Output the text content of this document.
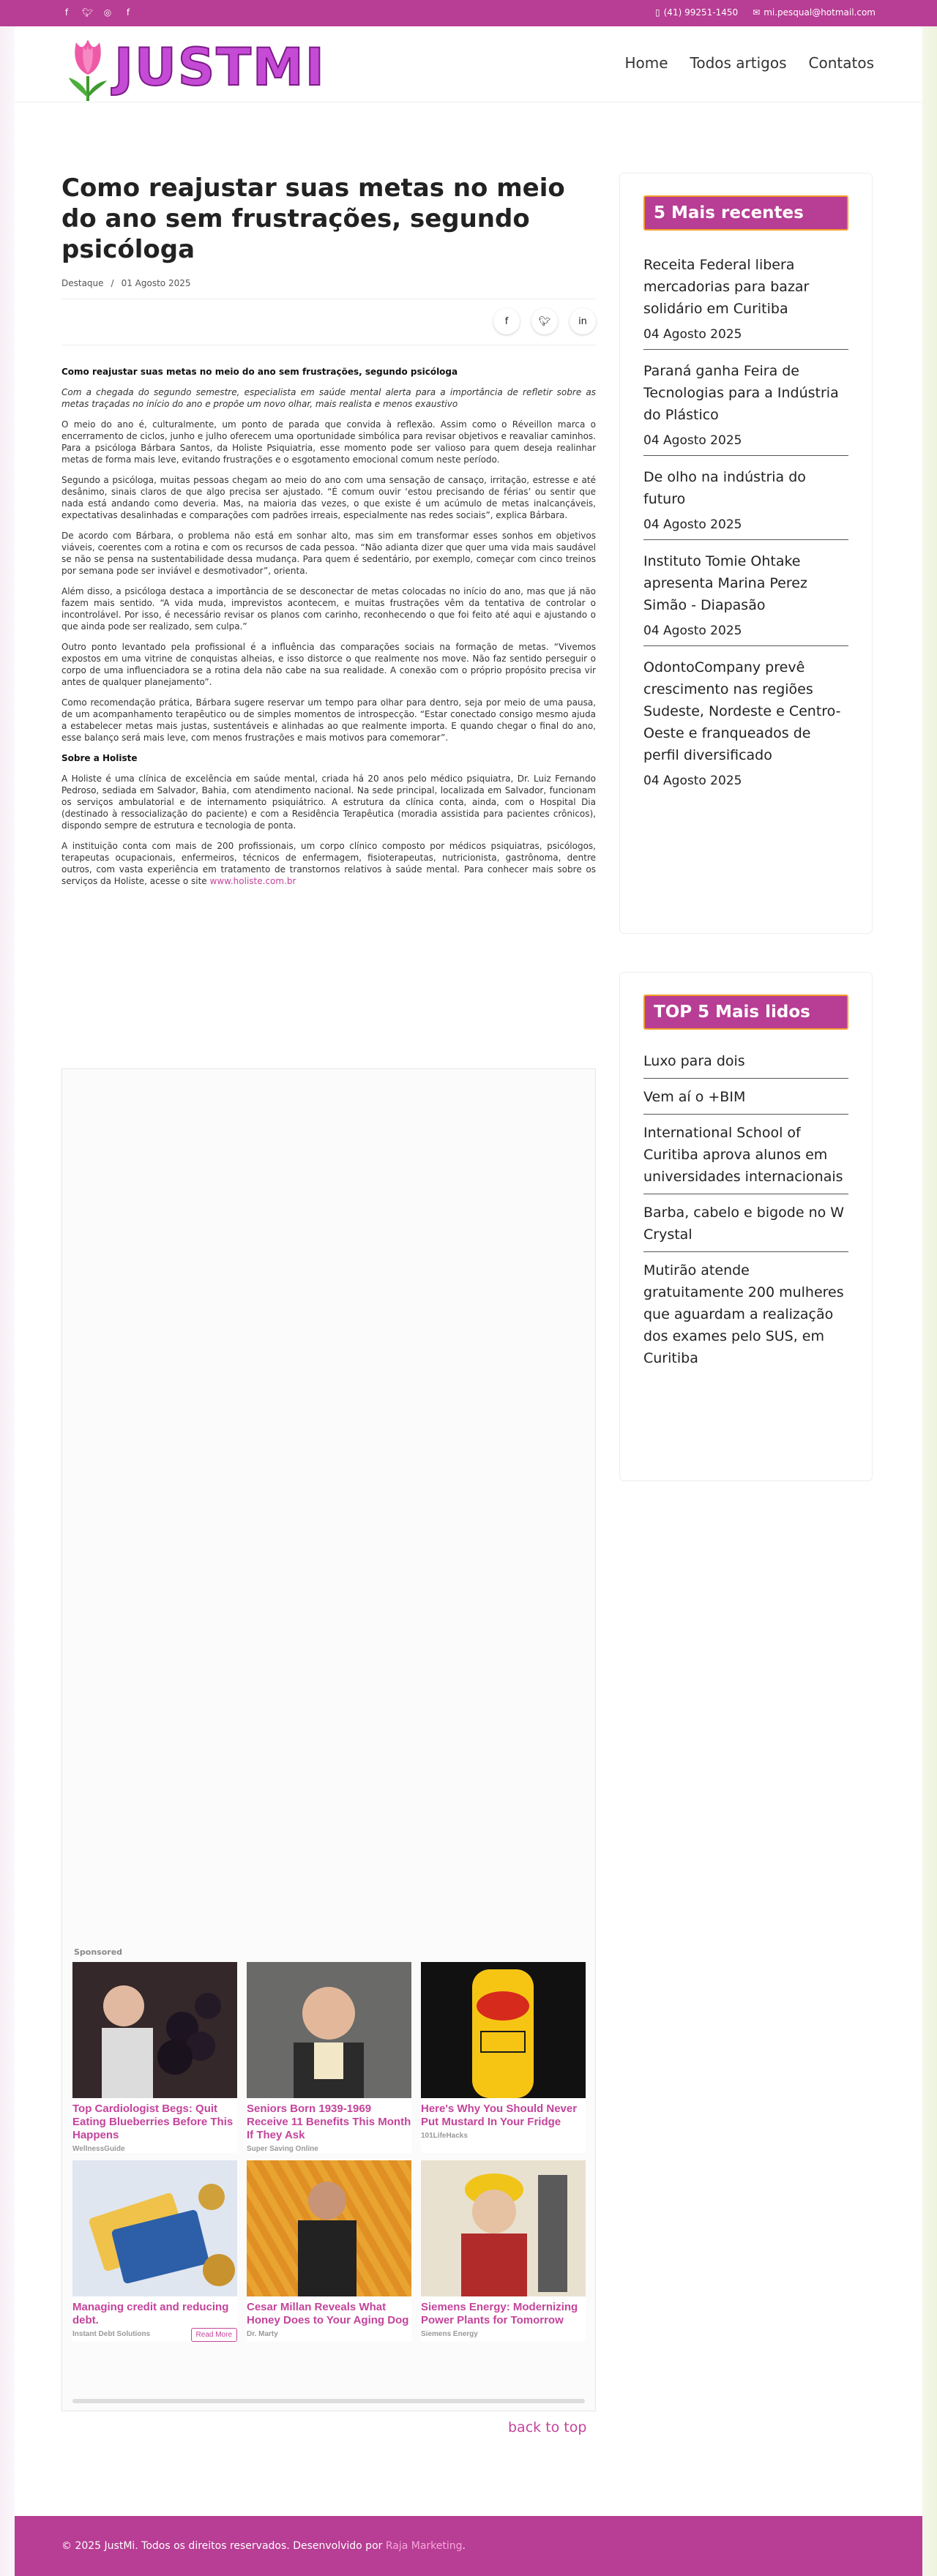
f	🐦︎ ◎	f	▯ (41) 99251-1450 ✉ mi.pesqual@hotmail.com
JUSTMI	Home Todos artigos Contatos
Como reajustar suas metas no meio do ano sem frustrações, segundo psicóloga
Destaque / 01 Agosto 2025
f	🐦︎	in

Como reajustar suas metas no meio do ano sem frustrações, segundo psicóloga

Com a chegada do segundo semestre, especialista em saúde mental alerta para a importância de refletir sobre as metas traçadas no início do ano e propõe um novo olhar, mais realista e menos exaustivo

O meio do ano é, culturalmente, um ponto de parada que convida à reflexão. Assim como o Réveillon marca o encerramento de ciclos, junho e julho oferecem uma oportunidade simbólica para revisar objetivos e reavaliar caminhos. Para a psicóloga Bárbara Santos, da Holiste Psiquiatria, esse momento pode ser valioso para quem deseja realinhar metas de forma mais leve, evitando frustrações e o esgotamento emocional comum neste período.

Segundo a psicóloga, muitas pessoas chegam ao meio do ano com uma sensação de cansaço, irritação, estresse e até desânimo, sinais claros de que algo precisa ser ajustado. “É comum ouvir ‘estou precisando de férias’ ou sentir que nada está andando como deveria. Mas, na maioria das vezes, o que existe é um acúmulo de metas inalcançáveis, expectativas desalinhadas e comparações com padrões irreais, especialmente nas redes sociais”, explica Bárbara.

De acordo com Bárbara, o problema não está em sonhar alto, mas sim em transformar esses sonhos em objetivos viáveis, coerentes com a rotina e com os recursos de cada pessoa. “Não adianta dizer que quer uma vida mais saudável se não se pensa na sustentabilidade dessa mudança. Para quem é sedentário, por exemplo, começar com cinco treinos por semana pode ser inviável e desmotivador”, orienta.

Além disso, a psicóloga destaca a importância de se desconectar de metas colocadas no início do ano, mas que já não fazem mais sentido. “A vida muda, imprevistos acontecem, e muitas frustrações vêm da tentativa de controlar o incontrolável. Por isso, é necessário revisar os planos com carinho, reconhecendo o que foi feito até aqui e ajustando o que ainda pode ser realizado, sem culpa.”

Outro ponto levantado pela profissional é a influência das comparações sociais na formação de metas. “Vivemos expostos em uma vitrine de conquistas alheias, e isso distorce o que realmente nos move. Não faz sentido perseguir o corpo de uma influenciadora se a rotina dela não cabe na sua realidade. A conexão com o próprio propósito precisa vir antes de qualquer planejamento”.

Como recomendação prática, Bárbara sugere reservar um tempo para olhar para dentro, seja por meio de uma pausa, de um acompanhamento terapêutico ou de simples momentos de introspecção. “Estar conectado consigo mesmo ajuda a estabelecer metas mais justas, sustentáveis e alinhadas ao que realmente importa. E quando chegar o final do ano, esse balanço será mais leve, com menos frustrações e mais motivos para comemorar”.

Sobre a Holiste

A Holiste é uma clínica de excelência em saúde mental, criada há 20 anos pelo médico psiquiatra, Dr. Luiz Fernando Pedroso, sediada em Salvador, Bahia, com atendimento nacional. Na sede principal, localizada em Salvador, funcionam os serviços ambulatorial e de internamento psiquiátrico. A estrutura da clínica conta, ainda, com o Hospital Dia (destinado à ressocialização do paciente) e com a Residência Terapêutica (moradia assistida para pacientes crônicos), dispondo sempre de estrutura e tecnologia de ponta.

A instituição conta com mais de 200 profissionais, um corpo clínico composto por médicos psiquiatras, psicólogos, terapeutas ocupacionais, enfermeiros, técnicos de enfermagem, fisioterapeutas, nutricionista, gastrônoma, dentre outros, com vasta experiência em tratamento de transtornos relativos à saúde mental. Para conhecer mais sobre os serviços da Holiste, acesse o site www.holiste.com.br

Sponsored
Top Cardiologist Begs: Quit Eating Blueberries Before This Happens
WellnessGuide
Seniors Born 1939-1969 Receive 11 Benefits This Month If They Ask
Super Saving Online
Here's Why You Should Never Put Mustard In Your Fridge
101LifeHacks
Managing credit and reducing debt.
Instant Debt Solutions	Read More
Cesar Millan Reveals What Honey Does to Your Aging Dog
Dr. Marty
Siemens Energy: Modernizing Power Plants for Tomorrow
Siemens Energy
back to top
5 Mais recentes
Receita Federal libera mercadorias para bazar solidário em Curitiba
04 Agosto 2025
Paraná ganha Feira de Tecnologias para a Indústria do Plástico
04 Agosto 2025
De olho na indústria do futuro
04 Agosto 2025
Instituto Tomie Ohtake apresenta Marina Perez Simão - Diapasão
04 Agosto 2025
OdontoCompany prevê crescimento nas regiões Sudeste, Nordeste e Centro-Oeste e franqueados de perfil diversificado
04 Agosto 2025
TOP 5 Mais lidos
Luxo para dois
Vem aí o +BIM
International School of Curitiba aprova alunos em universidades internacionais
Barba, cabelo e bigode no W Crystal
Mutirão atende gratuitamente 200 mulheres que aguardam a realização dos exames pelo SUS, em Curitiba
© 2025 JustMi. Todos os direitos reservados. Desenvolvido por Raja Marketing.
